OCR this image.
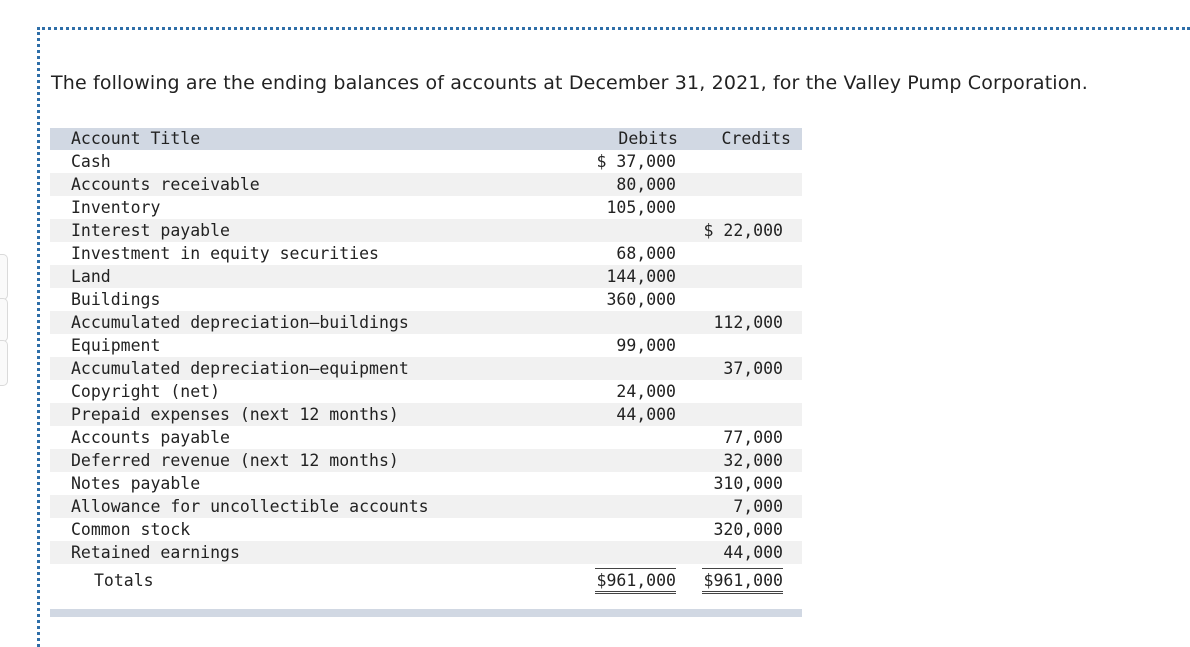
The following are the ending balances of accounts at December 31, 2021, for the Valley Pump Corporation.

Account Title	Debits	Credits
Cash	$ 37,000	
Accounts receivable	80,000	
Inventory	105,000	
Interest payable		$ 22,000
Investment in equity securities	68,000	
Land	144,000	
Buildings	360,000	
Accumulated depreciation—buildings		112,000
Equipment	99,000	
Accumulated depreciation—equipment		37,000
Copyright (net)	24,000	
Prepaid expenses (next 12 months)	44,000	
Accounts payable		77,000
Deferred revenue (next 12 months)		32,000
Notes payable		310,000
Allowance for uncollectible accounts		7,000
Common stock		320,000
Retained earnings		44,000
Totals	$961,000	$961,000
